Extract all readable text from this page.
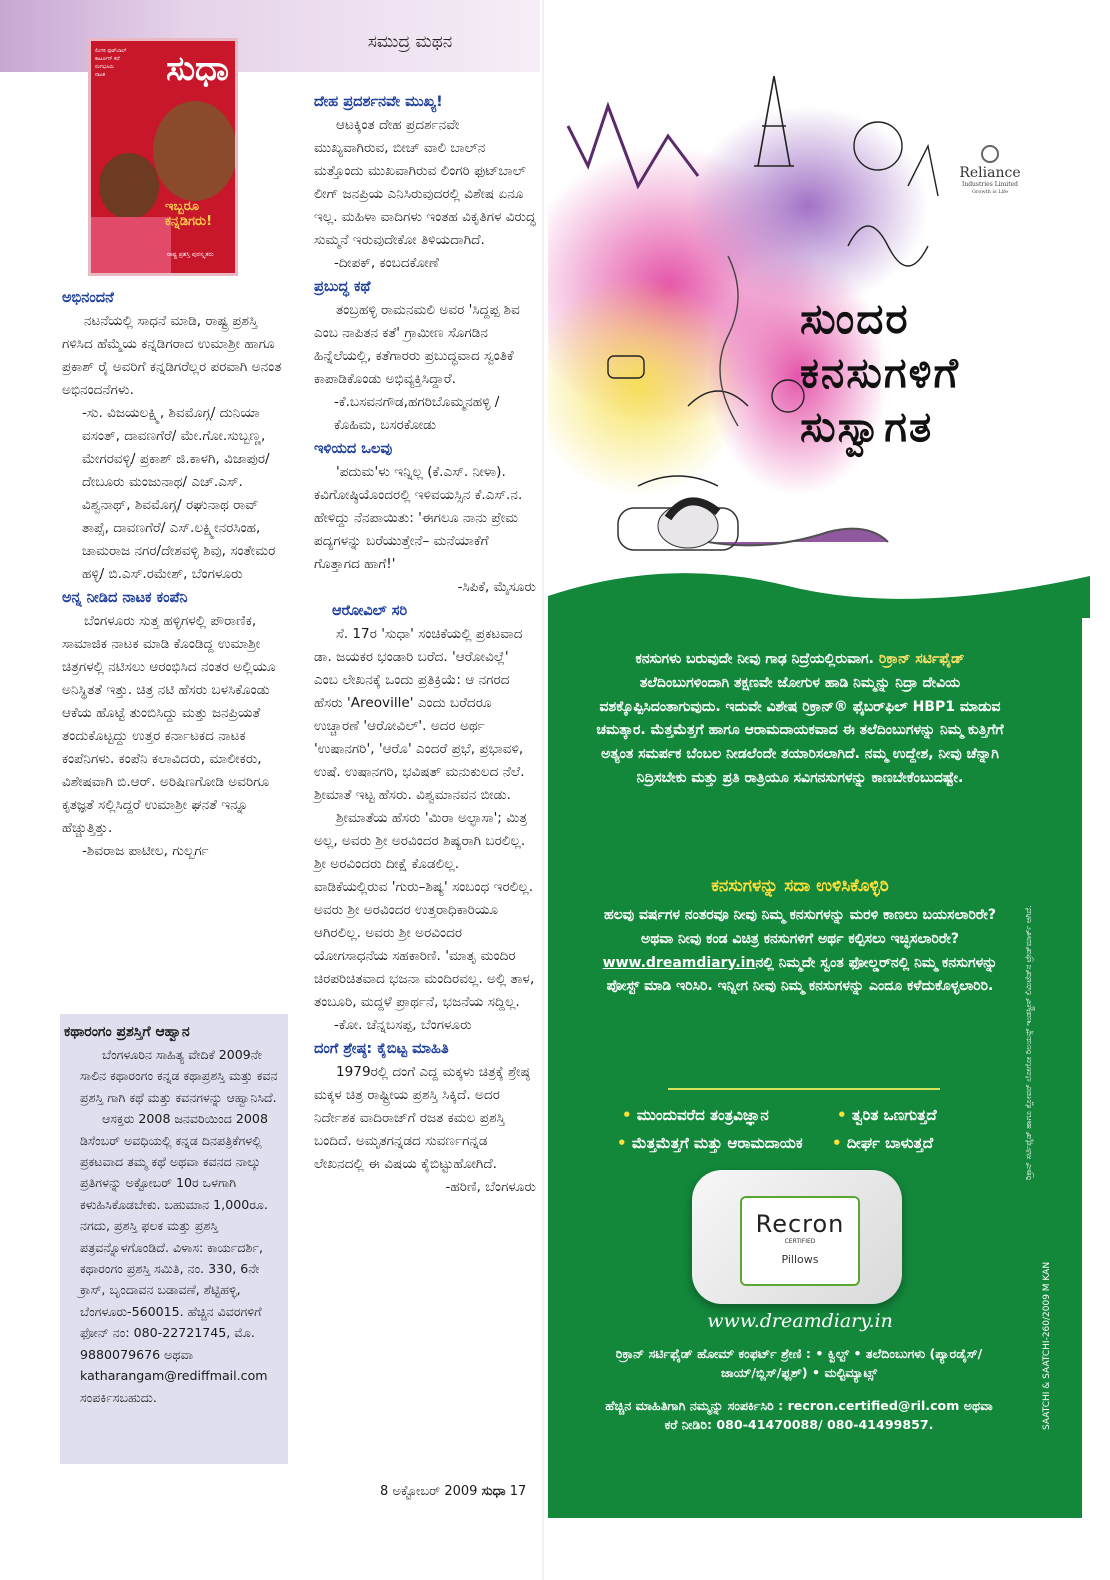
ಸಮುದ್ರ ಮಥನ
ಲಿಂಗರಿ ಫುಟ್‌ಬಾಲ್
ಕಾರ್ಟೂನ್ ಕಥೆ
ರಂಗಭೂಮಿ
ನಾಟಕ	ಸುಧಾ
ಇಬ್ಬರೂ ಕನ್ನಡಿಗರು!
ರಾಷ್ಟ್ರ ಪ್ರಶಸ್ತಿ ಪುರಸ್ಕೃತರು

ಅಭಿನಂದನೆ

ನಟನೆಯಲ್ಲಿ ಸಾಧನೆ ಮಾಡಿ, ರಾಷ್ಟ್ರ ಪ್ರಶಸ್ತಿ ಗಳಿಸಿದ ಹೆಮ್ಮೆಯ ಕನ್ನಡಿಗರಾದ ಉಮಾಶ್ರೀ ಹಾಗೂ ಪ್ರಕಾಶ್ ರೈ ಅವರಿಗೆ ಕನ್ನಡಿಗರೆಲ್ಲರ ಪರವಾಗಿ ಅನಂತ ಅಭಿನಂದನೆಗಳು.

-ಸು. ವಿಜಯಲಕ್ಷ್ಮಿ, ಶಿವಮೊಗ್ಗ/ ದುನಿಯಾ ವಸಂತ್, ದಾವಣಗೆರೆ/ ಮೇ.ಗೋ.ಸುಬ್ಬಣ್ಣ, ಮೇಗರವಳ್ಳಿ/ ಪ್ರಕಾಶ್ ಜಿ.ಕಾಳಗಿ, ವಿಜಾಪುರ/ ದೇಬೂರು ಮಂಜುನಾಥ/ ಎಚ್.ಎಸ್. ವಿಶ್ವನಾಥ್, ಶಿವಮೊಗ್ಗ/ ರಘುನಾಥ ರಾವ್ ತಾಪ್ಸೆ, ದಾವಣಗೆರೆ/ ಎಸ್.ಲಕ್ಷ್ಮೀನರಸಿಂಹ, ಚಾಮರಾಜ ನಗರ/ದೇಶವಳ್ಳಿ ಶಿವು, ಸಂತೇಮರ ಹಳ್ಳಿ/ ಬಿ.ಎಸ್.ರಮೇಶ್, ಬೆಂಗಳೂರು

ಅನ್ನ ನೀಡಿದ ನಾಟಕ ಕಂಪೆನಿ

ಬೆಂಗಳೂರು ಸುತ್ತ ಹಳ್ಳಿಗಳಲ್ಲಿ ಪೌರಾಣಿಕ, ಸಾಮಾಜಿಕ ನಾಟಕ ಮಾಡಿ ಕೊಂಡಿದ್ದ ಉಮಾಶ್ರೀ ಚಿತ್ರಗಳಲ್ಲಿ ನಟಿಸಲು ಆರಂಭಿಸಿದ ನಂತರ ಅಲ್ಲಿಯೂ ಅನಿಸ್ಥಿತತೆ ಇತ್ತು. ಚಿತ್ರ ನಟಿ ಹೆಸರು ಬಳಸಿಕೊಂಡು ಆಕೆಯ ಹೊಟ್ಟೆ ತುಂಬಿಸಿದ್ದು ಮತ್ತು ಜನಪ್ರಿಯತೆ ತಂದುಕೊಟ್ಟದ್ದು ಉತ್ತರ ಕರ್ನಾಟಕದ ನಾಟಕ ಕಂಪೆನಿಗಳು. ಕಂಪೆನಿ ಕಲಾವಿದರು, ಮಾಲೀಕರು, ವಿಶೇಷವಾಗಿ ಬಿ.ಆರ್. ಅರಿಷಿಣಗೋಡಿ ಅವರಿಗೂ ಕೃತಜ್ಞತೆ ಸಲ್ಲಿಸಿದ್ದರೆ ಉಮಾಶ್ರೀ ಘನತೆ ಇನ್ನೂ ಹೆಚ್ಚುತ್ತಿತ್ತು.

-ಶಿವರಾಜ ಪಾಟೀಲ, ಗುಲ್ಬರ್ಗ

ಕಥಾರಂಗಂ ಪ್ರಶಸ್ತಿಗೆ ಆಹ್ವಾನ

ಬೆಂಗಳೂರಿನ ಸಾಹಿತ್ಯ ವೇದಿಕೆ 2009ನೇ ಸಾಲಿನ ಕಥಾರಂಗಂ ಕನ್ನಡ ಕಥಾಪ್ರಶಸ್ತಿ ಮತ್ತು ಕವನ ಪ್ರಶಸ್ತಿ ಗಾಗಿ ಕಥೆ ಮತ್ತು ಕವನಗಳನ್ನು ಆಹ್ವಾನಿಸಿದೆ.

ಆಸಕ್ತರು 2008 ಜನವರಿಯಿಂದ 2008 ಡಿಸೆಂಬರ್ ಅವಧಿಯಲ್ಲಿ ಕನ್ನಡ ದಿನಪತ್ರಿಕೆಗಳಲ್ಲಿ ಪ್ರಕಟವಾದ ತಮ್ಮ ಕಥೆ ಅಥವಾ ಕವನದ ನಾಲ್ಕು ಪ್ರತಿಗಳನ್ನು ಅಕ್ಟೋಬರ್ 10ರ ಒಳಗಾಗಿ ಕಳುಹಿಸಿಕೊಡಬೇಕು. ಬಹುಮಾನ 1,000ರೂ. ನಗದು, ಪ್ರಶಸ್ತಿ ಫಲಕ ಮತ್ತು ಪ್ರಶಸ್ತಿ ಪತ್ರವನ್ನೊಳಗೊಂಡಿದೆ. ವಿಳಾಸ: ಕಾರ್ಯದರ್ಶಿ, ಕಥಾರಂಗಂ ಪ್ರಶಸ್ತಿ ಸಮಿತಿ, ನಂ. 330, 6ನೇ ಕ್ರಾಸ್, ಬೃಂದಾವನ ಬಡಾವಣೆ, ಶೆಟ್ಟಿಹಳ್ಳಿ, ಬೆಂಗಳೂರು-560015. ಹೆಚ್ಚಿನ ವಿವರಗಳಿಗೆ ಫೋನ್ ನಂ: 080-22721745, ಮೊ. 9880079676 ಅಥವಾ katharangam@rediffmail.com ಸಂಪರ್ಕಿಸಬಹುದು.

ದೇಹ ಪ್ರದರ್ಶನವೇ ಮುಖ್ಯ!

ಆಟಕ್ಕಿಂತ ದೇಹ ಪ್ರದರ್ಶನವೇ ಮುಖ್ಯವಾಗಿರುವ, ಬೀಚ್ ವಾಲಿ ಬಾಲ್‌ನ ಮತ್ತೊಂದು ಮುಖವಾಗಿರುವ ಲಿಂಗರಿ ಫುಟ್‌ಬಾಲ್ ಲೀಗ್ ಜನಪ್ರಿಯ ಎನಿಸಿರುವುದರಲ್ಲಿ ವಿಶೇಷ ಏನೂ ಇಲ್ಲ. ಮಹಿಳಾ ವಾದಿಗಳು ಇಂತಹ ವಿಕೃತಿಗಳ ವಿರುದ್ಧ ಸುಮ್ಮನೆ ಇರುವುದೇಕೋ ತಿಳಿಯದಾಗಿದೆ.

-ದೀಪಕ್, ಕಂಬದಕೋಣೆ

ಪ್ರಬುದ್ಧ ಕಥೆ

ತಂಬ್ರಹಳ್ಳಿ ರಾಮನಮಲಿ ಅವರ 'ಸಿದ್ದಪ್ಪ ಶಿವ ಎಂಬ ನಾಪಿತನ ಕತೆ' ಗ್ರಾಮೀಣ ಸೊಗಡಿನ ಹಿನ್ನೆಲೆಯಲ್ಲಿ, ಕತೆಗಾರರು ಪ್ರಬುದ್ಧವಾದ ಸ್ವಂತಿಕೆ ಕಾಪಾಡಿಕೊಂಡು ಅಭಿವ್ಯಕ್ತಿಸಿದ್ದಾರೆ.

-ಕೆ.ಬಸವನಗೌಡ,ಹಗರಿಬೊಮ್ಮನಹಳ್ಳಿ /ಕೊಹಿಮ, ಬಸರಕೋಡು

ಇಳಿಯದ ಒಲವು

'ಪದುಮ'ಳು ಇನ್ನಿಲ್ಲ (ಕೆ.ಎಸ್. ನೀಳಾ). ಕವಿಗೋಷ್ಠಿಯೊಂದರಲ್ಲಿ ಇಳಿವಯಸ್ಸಿನ ಕೆ.ಎಸ್.ನ. ಹೇಳಿದ್ದು ನೆನಪಾಯಿತು: 'ಈಗಲೂ ನಾನು ಪ್ರೇಮ ಪದ್ಯಗಳನ್ನು ಬರೆಯುತ್ತೇನೆ– ಮನೆಯಾಕೆಗೆ ಗೊತ್ತಾಗದ ಹಾಗೆ!'

-ಸಿಪಿಕೆ, ಮೈಸೂರು

ಆರೋವಿಲ್ ಸರಿ

ಸೆ. 17ರ 'ಸುಧಾ' ಸಂಚಿಕೆಯಲ್ಲಿ ಪ್ರಕಟವಾದ ಡಾ. ಜಯಕರ ಭಂಡಾರಿ ಬರೆದ. 'ಆರೋವಿಲ್ಲೆ' ಎಂಬ ಲೇಖನಕ್ಕೆ ಒಂದು ಪ್ರತಿಕ್ರಿಯೆ: ಆ ನಗರದ ಹೆಸರು 'Areoville' ಎಂದು ಬರೆದರೂ ಉಚ್ಚಾರಣೆ 'ಆರೋವಿಲ್'. ಅದರ ಅರ್ಥ 'ಉಷಾನಗರಿ', 'ಆರೊ' ಎಂದರೆ ಪ್ರಭೆ, ಪ್ರಭಾವಳಿ, ಉಷೆ. ಉಷಾನಗರಿ, ಭವಿಷತ್ ಮನುಕುಲದ ನೆಲೆ. ಶ್ರೀಮಾತೆ ಇಟ್ಟ ಹೆಸರು. ವಿಶ್ವಮಾನವನ ಬೀಡು.

ಶ್ರೀಮಾತೆಯ ಹೆಸರು 'ಮಿರಾ ಅಲ್ಫಾಸಾ'; ಮಿತ್ರ ಅಲ್ಲ, ಅವರು ಶ್ರೀ ಅರವಿಂದರ ಶಿಷ್ಯರಾಗಿ ಬರಲಿಲ್ಲ. ಶ್ರೀ ಅರವಿಂದರು ದೀಕ್ಷೆ ಕೊಡಲಿಲ್ಲ. ವಾಡಿಕೆಯಲ್ಲಿರುವ 'ಗುರು–ಶಿಷ್ಯ' ಸಂಬಂಧ ಇರಲಿಲ್ಲ. ಅವರು ಶ್ರೀ ಅರವಿಂದರ ಉತ್ತರಾಧಿಕಾರಿಯೂ ಆಗಿರಲಿಲ್ಲ. ಅವರು ಶ್ರೀ ಅರವಿಂದರ ಯೋಗಸಾಧನೆಯ ಸಹಕಾರಿಣಿ. 'ಮಾತೃ ಮಂದಿರ ಚಿರಪರಿಚಿತವಾದ ಭಜನಾ ಮಂದಿರವಲ್ಲ. ಅಲ್ಲಿ ತಾಳ, ತಂಬೂರಿ, ಮದ್ದಳೆ ಪ್ರಾರ್ಥನೆ, ಭಜನೆಯ ಸದ್ದಿಲ್ಲ.

-ಕೋ. ಚೆನ್ನಬಸಪ್ಪ, ಬೆಂಗಳೂರು

ದಂಗೆ ಶ್ರೇಷ್ಠ: ಕೈಬಿಟ್ಟ ಮಾಹಿತಿ

1979ರಲ್ಲಿ ದಂಗೆ ಎದ್ದ ಮಕ್ಕಳು ಚಿತ್ರಕ್ಕೆ ಶ್ರೇಷ್ಠ ಮಕ್ಕಳ ಚಿತ್ರ ರಾಷ್ಟ್ರೀಯ ಪ್ರಶಸ್ತಿ ಸಿಕ್ಕಿದೆ. ಅದರ ನಿರ್ದೇಶಕ ವಾದಿರಾಜ್‌ಗೆ ರಜತ ಕಮಲ ಪ್ರಶಸ್ತಿ ಬಂದಿದೆ. ಅಮೃತಗನ್ನಡದ ಸುವರ್ಣಗನ್ನಡ ಲೇಖನದಲ್ಲಿ ಈ ವಿಷಯ ಕೈಬಿಟ್ಟುಹೋಗಿದೆ.

-ಹರಿಣಿ, ಬೆಂಗಳೂರು

8 ಅಕ್ಟೋಬರ್ 2009 ಸುಧಾ 17
Reliance
Industries Limited
Growth is Life
ಸುಂದರ
ಕನಸುಗಳಿಗೆ
ಸುಸ್ವಾಗತ
ಕನಸುಗಳು ಬರುವುದೇ ನೀವು ಗಾಢ ನಿದ್ರೆಯಲ್ಲಿರುವಾಗ. ರಿಕ್ರಾನ್ ಸರ್ಟಿಫೈಡ್ ತಲೆದಿಂಬುಗಳಿಂದಾಗಿ ತಕ್ಷಣವೇ ಜೋಗುಳ ಹಾಡಿ ನಿಮ್ಮನ್ನು ನಿದ್ರಾ ದೇವಿಯ ವಶಕ್ಕೊಪ್ಪಿಸಿದಂತಾಗುವುದು. ಇದುವೇ ವಿಶೇಷ ರಿಕ್ರಾನ್® ಫೈಬರ್‌ಫಿಲ್ HBP1 ಮಾಡುವ ಚಮತ್ಕಾರ. ಮೆತ್ತಮೆತ್ತಗೆ ಹಾಗೂ ಆರಾಮದಾಯಕವಾದ ಈ ತಲೆದಿಂಬುಗಳನ್ನು ನಿಮ್ಮ ಕುತ್ತಿಗೆಗೆ ಅತ್ಯಂತ ಸಮರ್ಪಕ ಬೆಂಬಲ ನೀಡಲೆಂದೇ ತಯಾರಿಸಲಾಗಿದೆ. ನಮ್ಮ ಉದ್ದೇಶ, ನೀವು ಚೆನ್ನಾಗಿ ನಿದ್ರಿಸಬೇಕು ಮತ್ತು ಪ್ರತಿ ರಾತ್ರಿಯೂ ಸವಿಗನಸುಗಳನ್ನು ಕಾಣಬೇಕೆಂಬುದಷ್ಟೇ.
ಕನಸುಗಳನ್ನು ಸದಾ ಉಳಿಸಿಕೊಳ್ಳಿರಿ
ಹಲವು ವರ್ಷಗಳ ನಂತರವೂ ನೀವು ನಿಮ್ಮ ಕನಸುಗಳನ್ನು ಮರಳಿ ಕಾಣಲು ಬಯಸಲಾರಿರೇ? ಅಥವಾ ನೀವು ಕಂಡ ವಿಚಿತ್ರ ಕನಸುಗಳಿಗೆ ಅರ್ಥ ಕಲ್ಪಿಸಲು ಇಚ್ಛಿಸಲಾರಿರೇ? www.dreamdiary.inನಲ್ಲಿ ನಿಮ್ಮದೇ ಸ್ವಂತ ಫೋಲ್ಡರ್‌ನಲ್ಲಿ ನಿಮ್ಮ ಕನಸುಗಳನ್ನು ಪೋಸ್ಟ್ ಮಾಡಿ ಇರಿಸಿರಿ. ಇನ್ನೀಗ ನೀವು ನಿಮ್ಮ ಕನಸುಗಳನ್ನು ಎಂದೂ ಕಳೆದುಕೊಳ್ಳಲಾರಿರಿ.
• ಮುಂದುವರೆದ ತಂತ್ರವಿಜ್ಞಾನ	• ತ್ವರಿತ ಒಣಗುತ್ತದೆ
• ಮೆತ್ತಮೆತ್ತಗೆ ಮತ್ತು ಆರಾಮದಾಯಕ • ದೀರ್ಘ ಬಾಳುತ್ತದೆ
Recron
CERTIFIED
Pillows
www.dreamdiary.in
ರಿಕ್ರಾನ್ ಸರ್ಟಿಫೈಡ್ ಹೋಮ್ ಕಂಫರ್ಟ್ ಶ್ರೇಣಿ : • ಕ್ವಿಲ್ಟ್ • ತಲೆದಿಂಬುಗಳು (ಪ್ಯಾರಡೈಸ್/ಜಾಯ್/ಬ್ಲಿಸ್/ಫ್ಲಶ್) • ಮಲ್ಟಿಮ್ಯಾಟ್ಸ್
ಹೆಚ್ಚಿನ ಮಾಹಿತಿಗಾಗಿ ನಮ್ಮನ್ನು ಸಂಪರ್ಕಿಸಿರಿ : recron.certified@ril.com ಅಥವಾ ಕರೆ ನೀಡಿರಿ: 080-41470088/ 080-41499857.
ರಿಕ್ರಾನ್ ಸರ್ಟಿಫೈಡ್ ಹಾಗೂ ಕ್ಲೋವರ್ ಲೋಗೋ ರಿಲಯನ್ಸ್ ಇಂಡಸ್ಟ್ರೀಸ್ ಲಿಮಿಟೆಡ್‌ನ ಟ್ರೇಡ್‌ಮಾರ್ಕ್ ಆಗಿದೆ.
SAATCHI & SAATCHI-260/2009 M KAN
